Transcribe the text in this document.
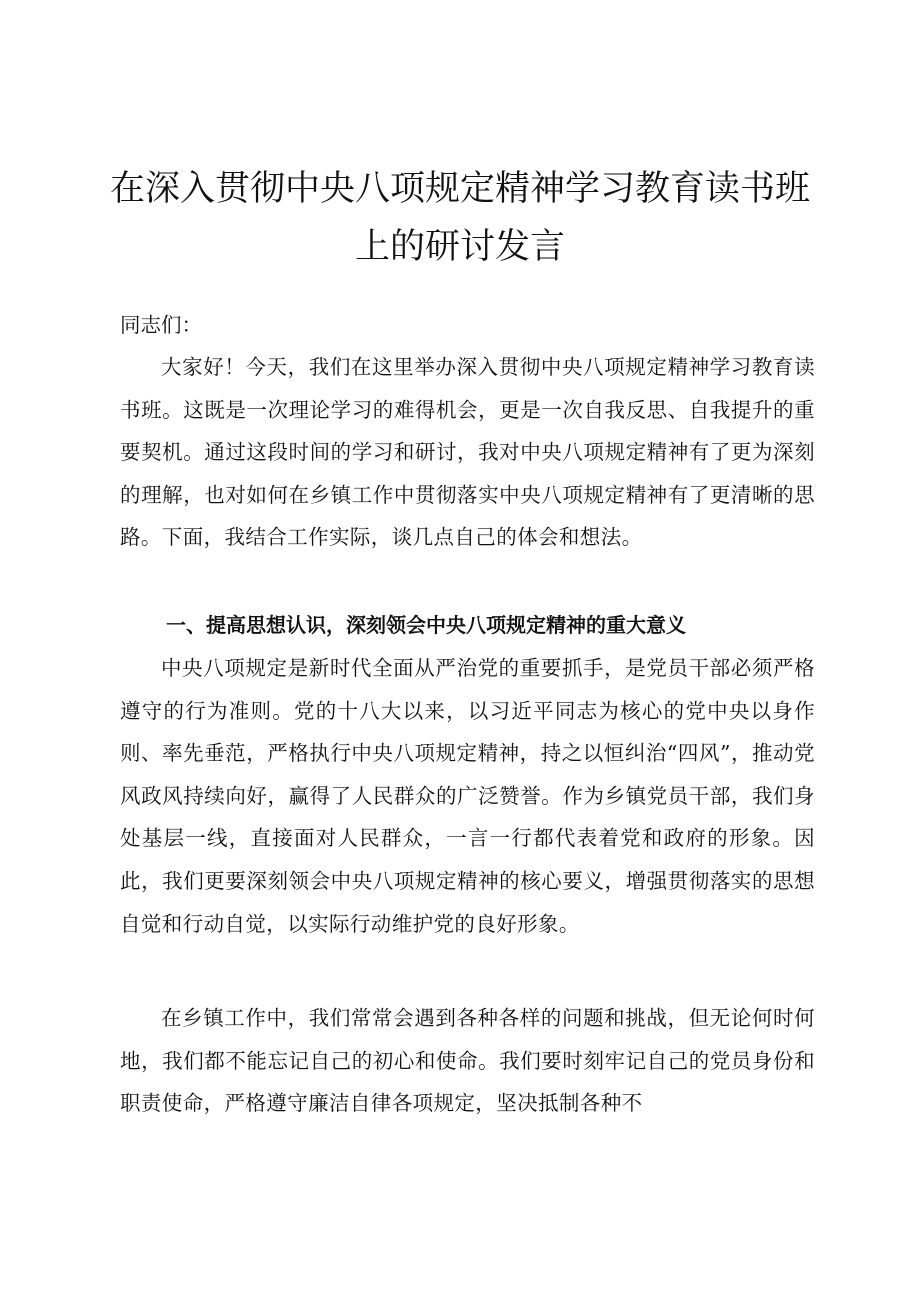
在深入贯彻中央八项规定精神学习教育读书班
上的研讨发言

同志们：

大家好！今天，我们在这里举办深入贯彻中央八项规定精神学习教育读书班。这既是一次理论学习的难得机会，更是一次自我反思、自我提升的重要契机。通过这段时间的学习和研讨，我对中央八项规定精神有了更为深刻的理解，也对如何在乡镇工作中贯彻落实中央八项规定精神有了更清晰的思路。下面，我结合工作实际，谈几点自己的体会和想法。

一、提高思想认识，深刻领会中央八项规定精神的重大意义

中央八项规定是新时代全面从严治党的重要抓手，是党员干部必须严格遵守的行为准则。党的十八大以来，以习近平同志为核心的党中央以身作则、率先垂范，严格执行中央八项规定精神，持之以恒纠治“四风”，推动党风政风持续向好，赢得了人民群众的广泛赞誉。作为乡镇党员干部，我们身处基层一线，直接面对人民群众，一言一行都代表着党和政府的形象。因此，我们更要深刻领会中央八项规定精神的核心要义，增强贯彻落实的思想自觉和行动自觉，以实际行动维护党的良好形象。

在乡镇工作中，我们常常会遇到各种各样的问题和挑战，但无论何时何地，我们都不能忘记自己的初心和使命。我们要时刻牢记自己的党员身份和职责使命，严格遵守廉洁自律各项规定，坚决抵制各种不
